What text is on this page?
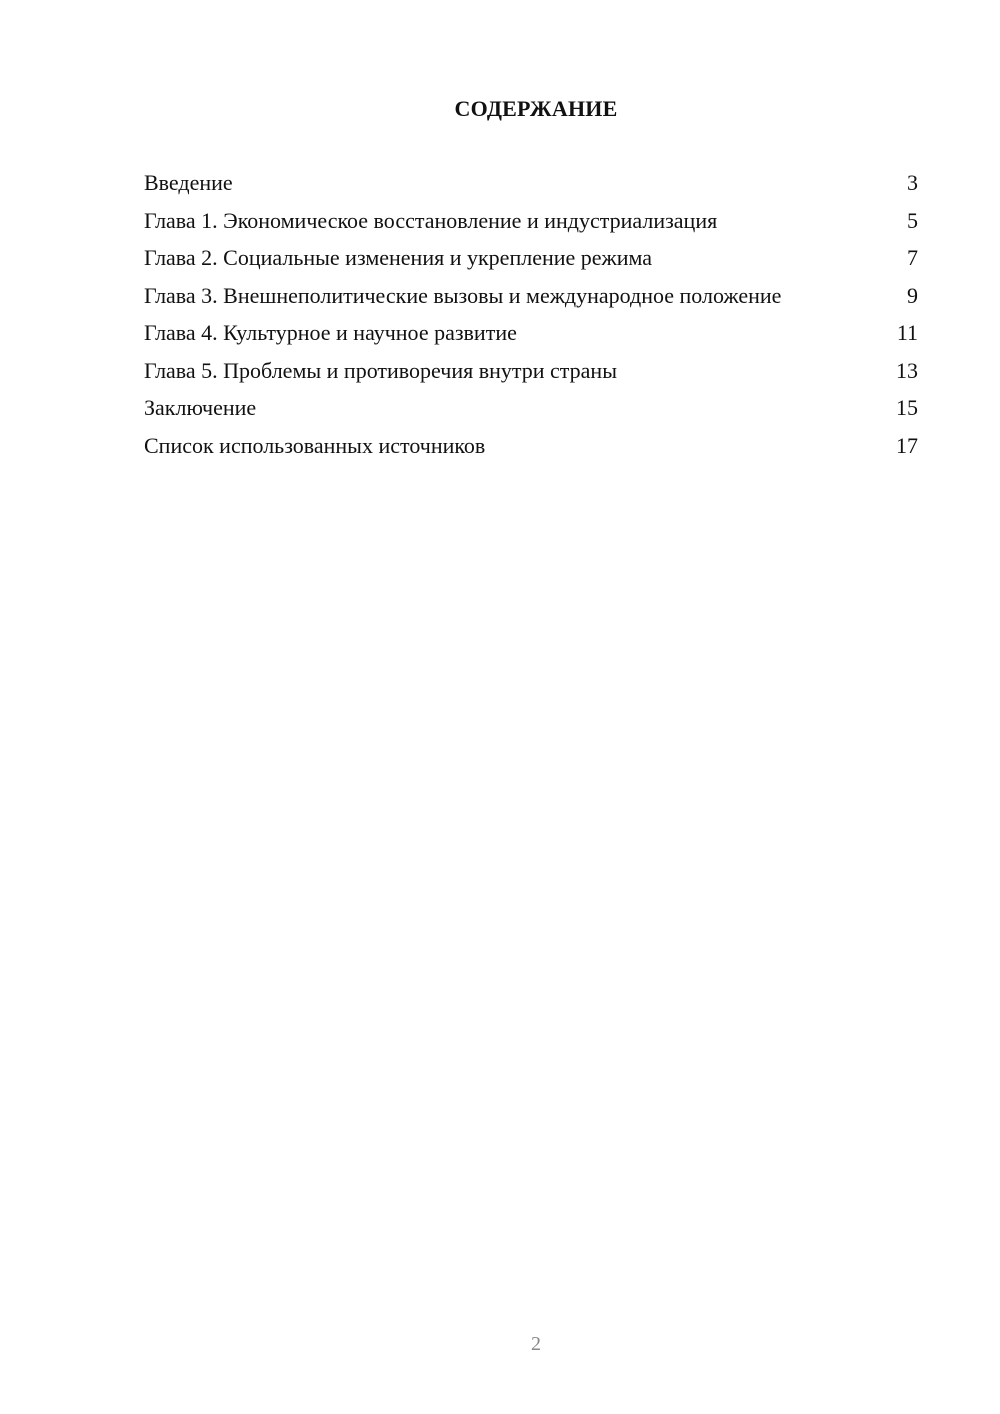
СОДЕРЖАНИЕ
Введение	3
Глава 1. Экономическое восстановление и индустриализация	5
Глава 2. Социальные изменения и укрепление режима	7
Глава 3. Внешнеполитические вызовы и международное положение	9
Глава 4. Культурное и научное развитие	11
Глава 5. Проблемы и противоречия внутри страны	13
Заключение	15
Список использованных источников	17
2
